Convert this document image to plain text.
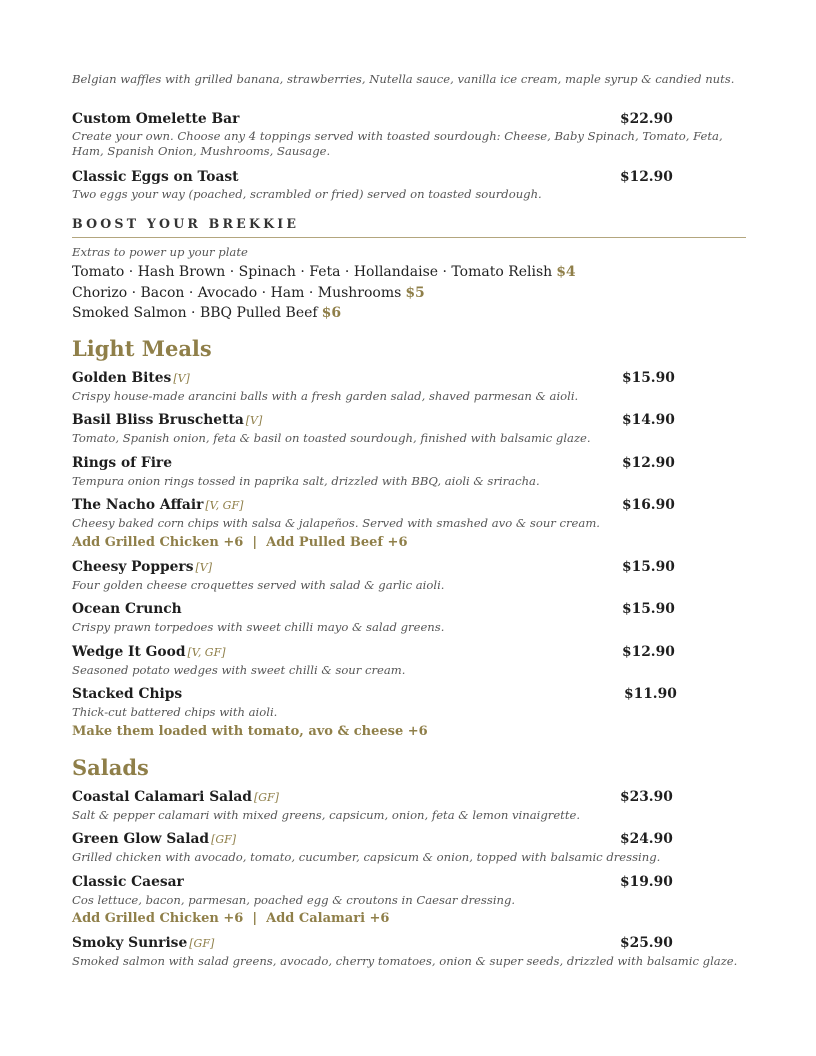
Belgian waffles with grilled banana, strawberries, Nutella sauce, vanilla ice cream, maple syrup & candied nuts.
Custom Omelette Bar	$22.90
Create your own. Choose any 4 toppings served with toasted sourdough: Cheese, Baby Spinach, Tomato, Feta, Ham, Spanish Onion, Mushrooms, Sausage.
Classic Eggs on Toast	$12.90
Two eggs your way (poached, scrambled or fried) served on toasted sourdough.
BOOST YOUR BREKKIE
Extras to power up your plate
Tomato · Hash Brown · Spinach · Feta · Hollandaise · Tomato Relish $4
Chorizo · Bacon · Avocado · Ham · Mushrooms $5
Smoked Salmon · BBQ Pulled Beef $6
Light Meals
Golden Bites [V]	$15.90
Crispy house-made arancini balls with a fresh garden salad, shaved parmesan & aioli.
Basil Bliss Bruschetta [V]	$14.90
Tomato, Spanish onion, feta & basil on toasted sourdough, finished with balsamic glaze.
Rings of Fire	$12.90
Tempura onion rings tossed in paprika salt, drizzled with BBQ, aioli & sriracha.
The Nacho Affair [V, GF]	$16.90
Cheesy baked corn chips with salsa & jalapeños. Served with smashed avo & sour cream.
Add Grilled Chicken +6  |  Add Pulled Beef +6
Cheesy Poppers [V]	$15.90
Four golden cheese croquettes served with salad & garlic aioli.
Ocean Crunch	$15.90
Crispy prawn torpedoes with sweet chilli mayo & salad greens.
Wedge It Good [V, GF]	$12.90
Seasoned potato wedges with sweet chilli & sour cream.
Stacked Chips	$11.90
Thick-cut battered chips with aioli.
Make them loaded with tomato, avo & cheese +6
Salads
Coastal Calamari Salad [GF]	$23.90
Salt & pepper calamari with mixed greens, capsicum, onion, feta & lemon vinaigrette.
Green Glow Salad [GF]	$24.90
Grilled chicken with avocado, tomato, cucumber, capsicum & onion, topped with balsamic dressing.
Classic Caesar	$19.90
Cos lettuce, bacon, parmesan, poached egg & croutons in Caesar dressing.
Add Grilled Chicken +6  |  Add Calamari +6
Smoky Sunrise [GF]	$25.90
Smoked salmon with salad greens, avocado, cherry tomatoes, onion & super seeds, drizzled with balsamic glaze.
